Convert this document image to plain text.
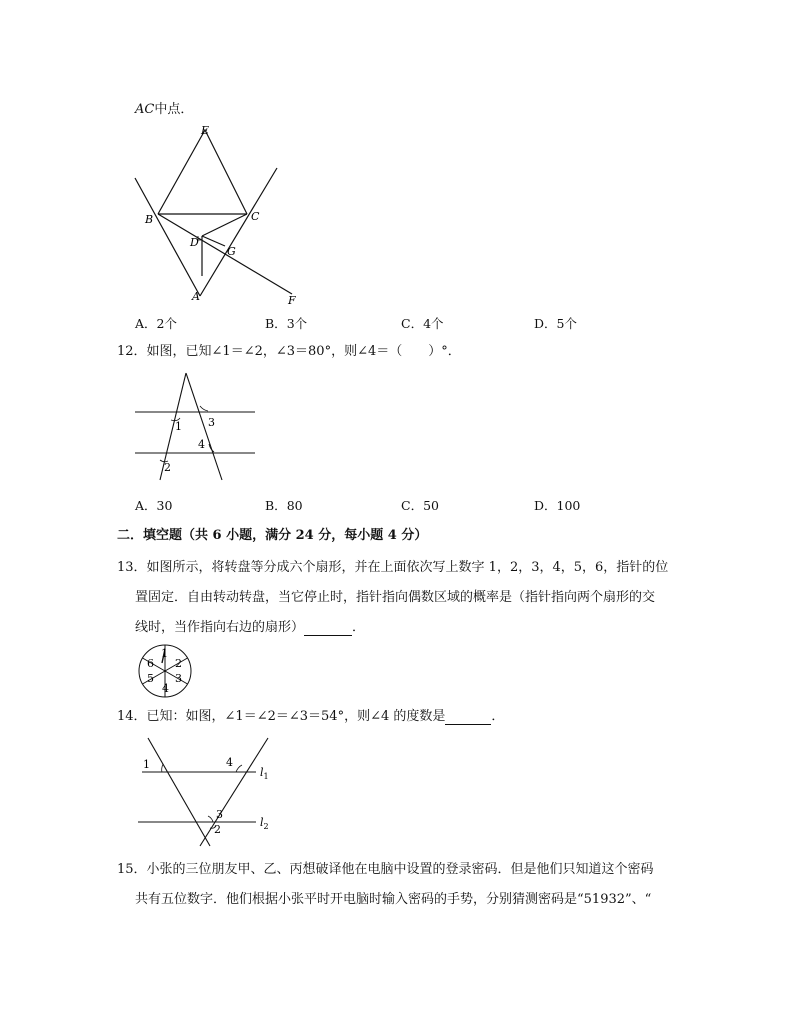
AC中点．
E
B	C
D
G
A	F
A．2个	B．3个	C．4个	D．5个
12．如图，已知∠1＝∠2，∠3＝80°，则∠4＝（　　）°．
1 3
4
2
A．30	B．80	C．50	D．100
二．填空题（共 6 小题，满分 24 分，每小题 4 分）
13．如图所示，将转盘等分成六个扇形，并在上面依次写上数字 1，2，3，4，5，6，指针的位
置固定．自由转动转盘，当它停止时，指针指向偶数区域的概率是（指针指向两个扇形的交
线时，当作指向右边的扇形）	．
1
2
3
4
5
6
14．已知：如图，∠1＝∠2＝∠3＝54°，则∠4 的度数是	．
1	4
3
2
l1
l2
15．小张的三位朋友甲、乙、丙想破译他在电脑中设置的登录密码．但是他们只知道这个密码
共有五位数字．他们根据小张平时开电脑时输入密码的手势，分别猜测密码是“51932”、“
